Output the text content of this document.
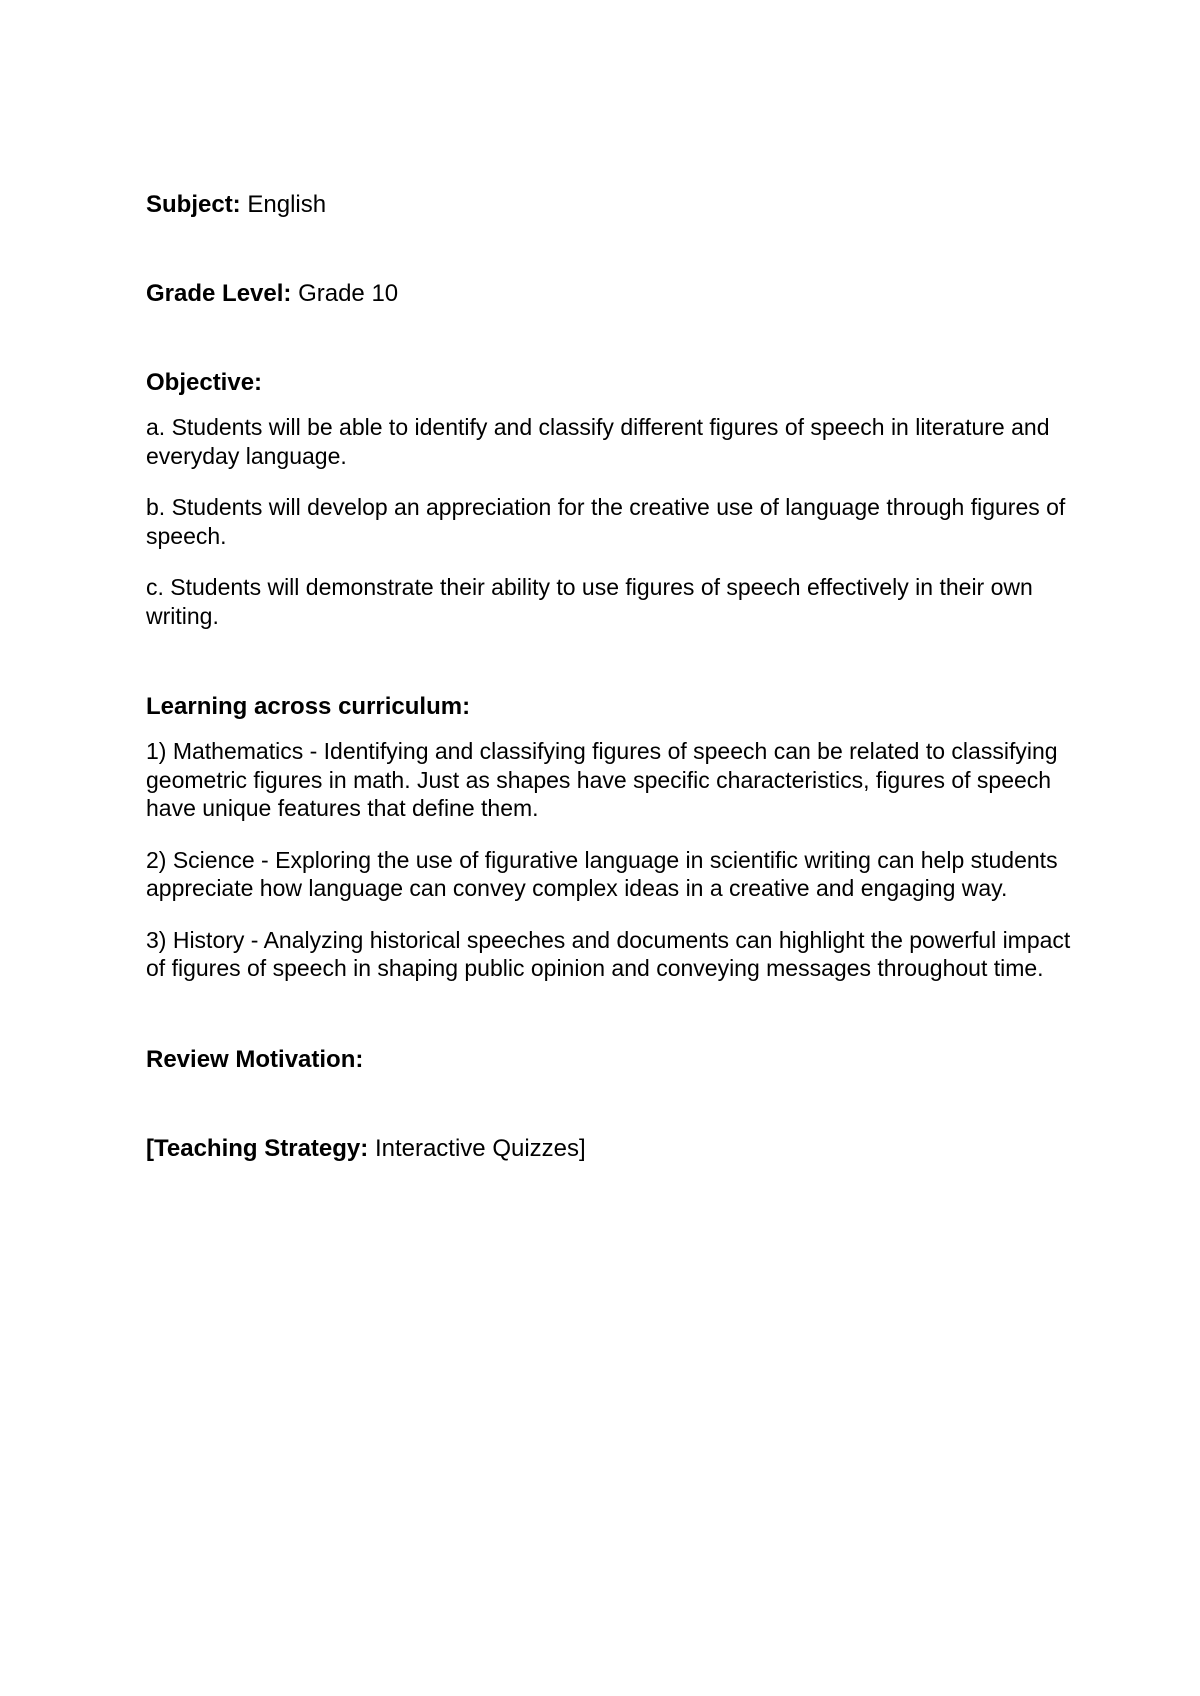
Subject: English

Grade Level: Grade 10

Objective:

a. Students will be able to identify and classify different figures of speech in literature and everyday language.

b. Students will develop an appreciation for the creative use of language through figures of speech.

c. Students will demonstrate their ability to use figures of speech effectively in their own writing.

Learning across curriculum:

1) Mathematics - Identifying and classifying figures of speech can be related to classifying geometric figures in math. Just as shapes have specific characteristics, figures of speech have unique features that define them.

2) Science - Exploring the use of figurative language in scientific writing can help students appreciate how language can convey complex ideas in a creative and engaging way.

3) History - Analyzing historical speeches and documents can highlight the powerful impact of figures of speech in shaping public opinion and conveying messages throughout time.

Review Motivation:

[Teaching Strategy: Interactive Quizzes]
